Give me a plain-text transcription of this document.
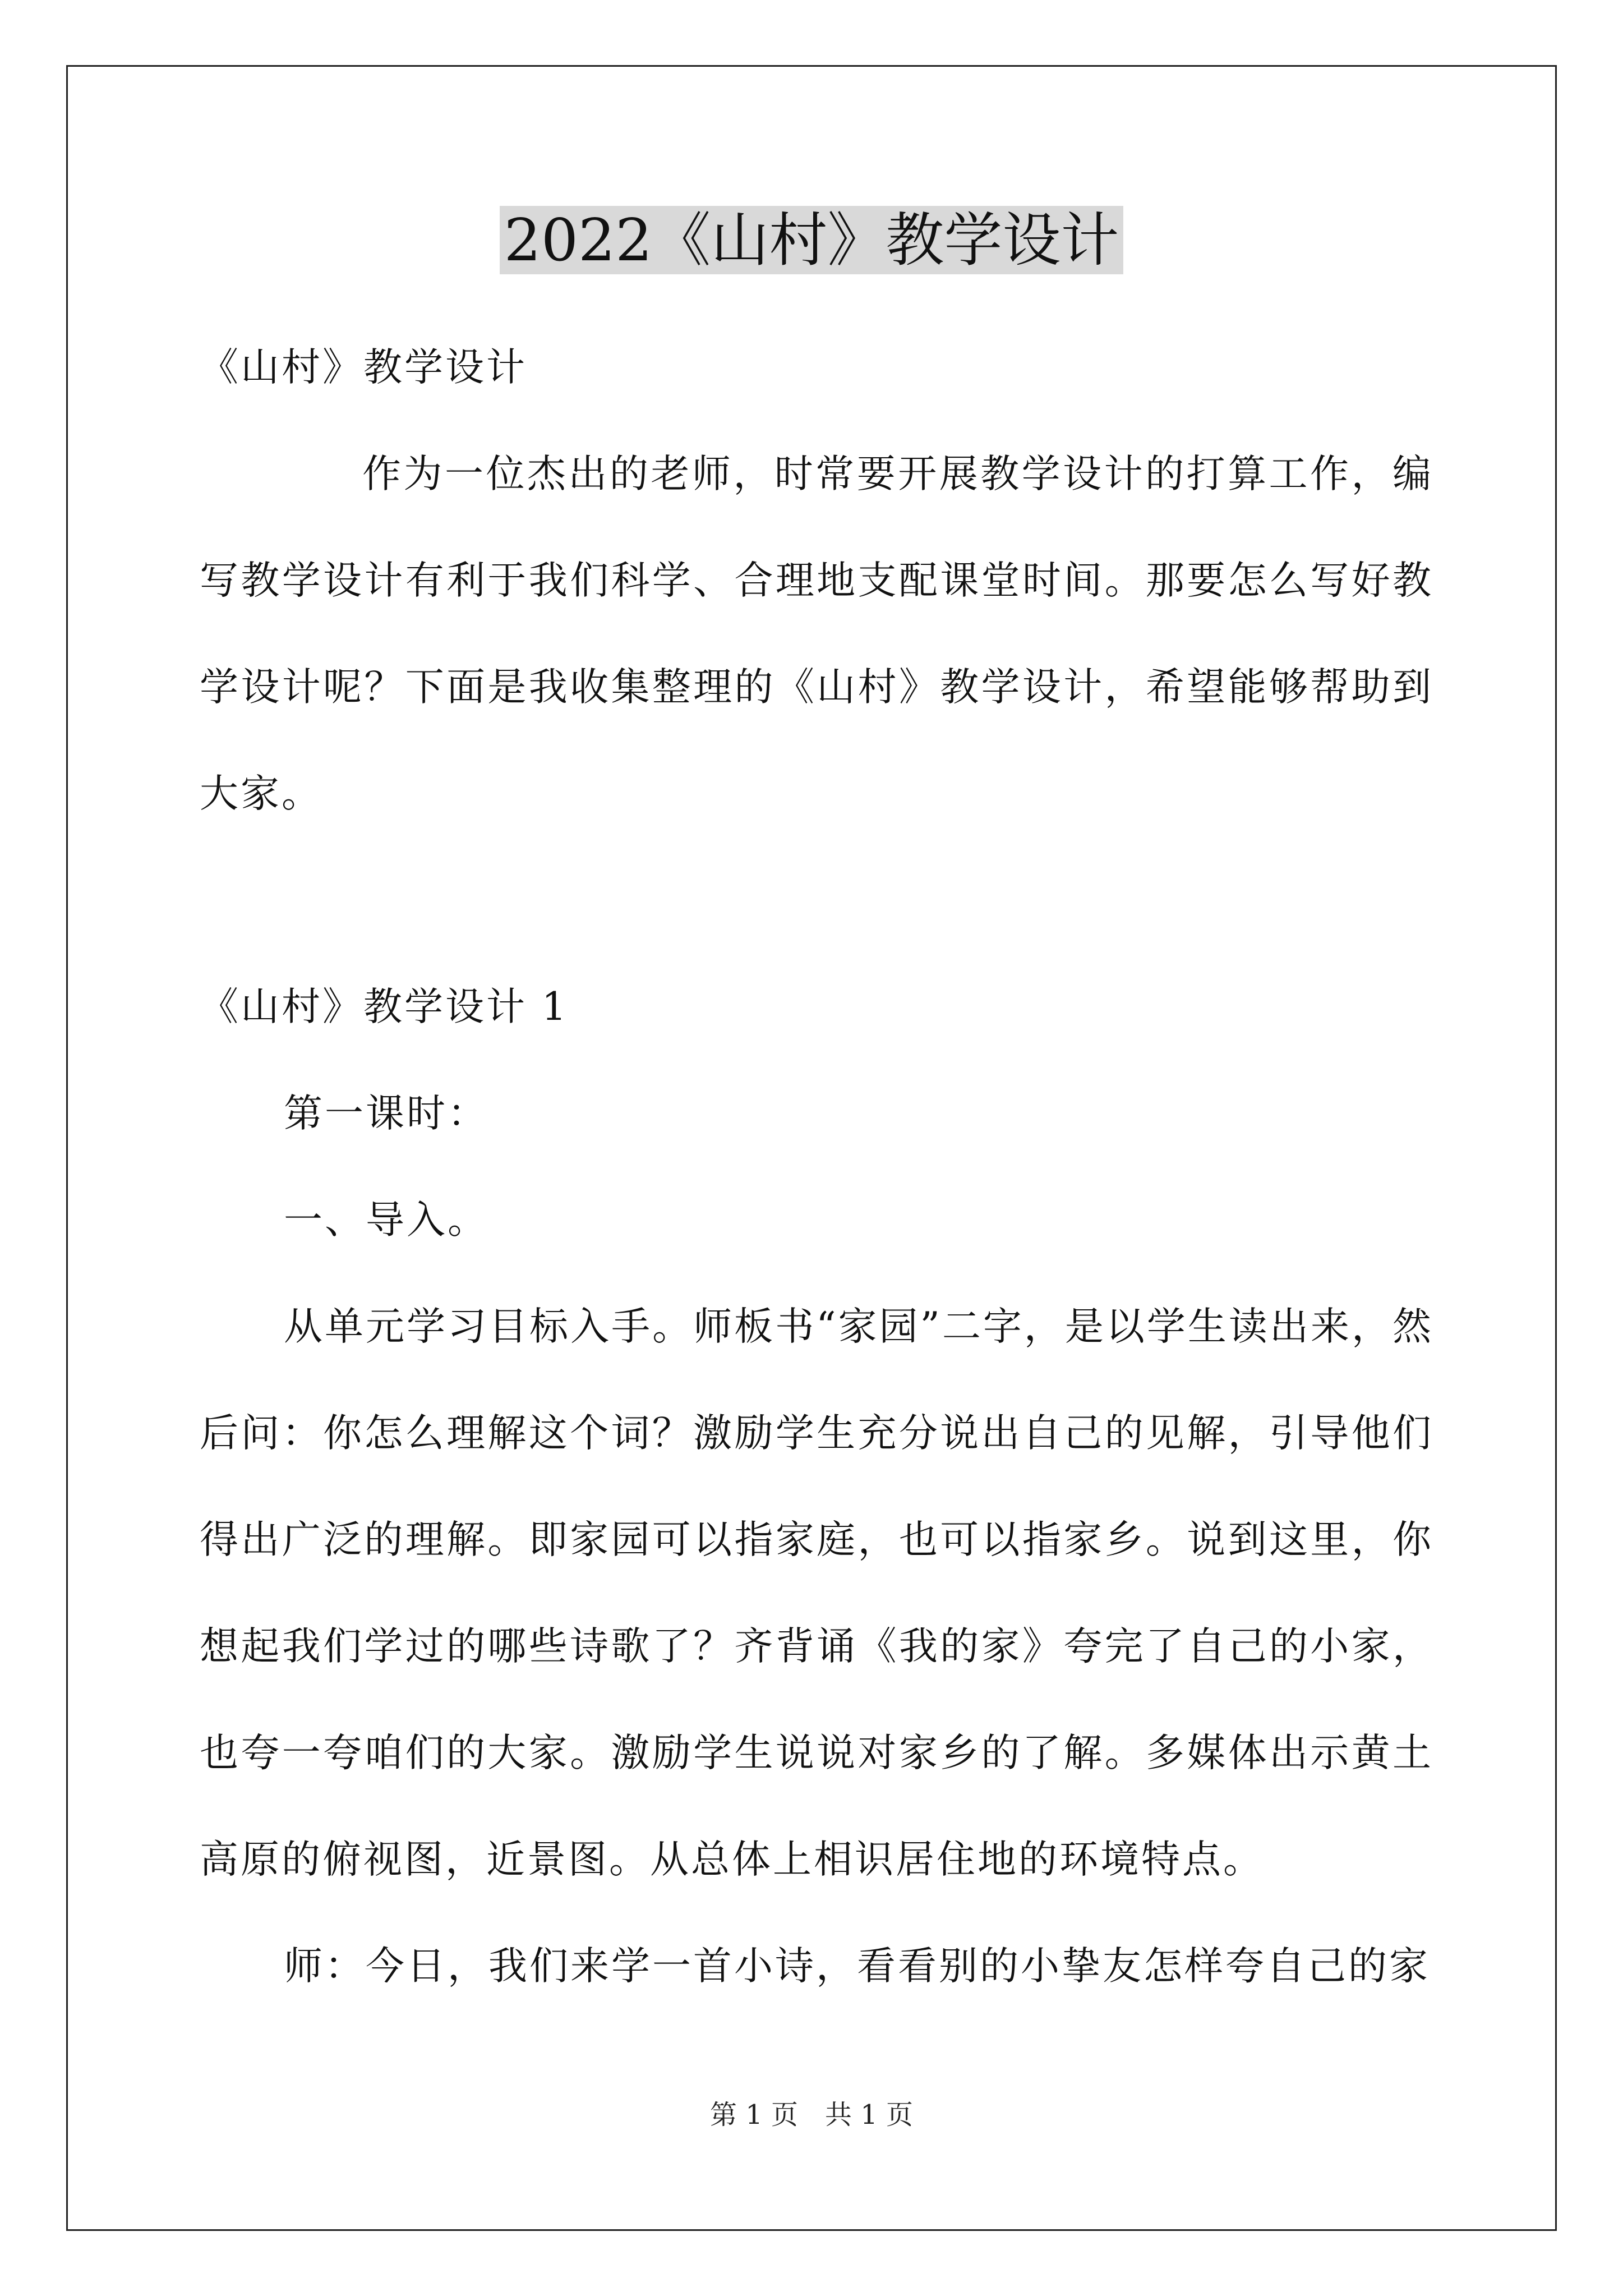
2022《山村》教学设计

《山村》教学设计

作为一位杰出的老师，时常要开展教学设计的打算工作，编写教学设计有利于我们科学、合理地支配课堂时间。那要怎么写好教学设计呢？下面是我收集整理的《山村》教学设计，希望能够帮助到大家。

《山村》教学设计 1

第一课时：

一、导入。

从单元学习目标入手。师板书“家园”二字，是以学生读出来，然后问：你怎么理解这个词？激励学生充分说出自己的见解，引导他们得出广泛的理解。即家园可以指家庭，也可以指家乡。说到这里，你想起我们学过的哪些诗歌了？齐背诵《我的家》夸完了自己的小家，也夸一夸咱们的大家。激励学生说说对家乡的了解。多媒体出示黄土高原的俯视图，近景图。从总体上相识居住地的环境特点。

师：今日，我们来学一首小诗，看看别的小挚友怎样夸自己的家

第 1 页　共 1 页
